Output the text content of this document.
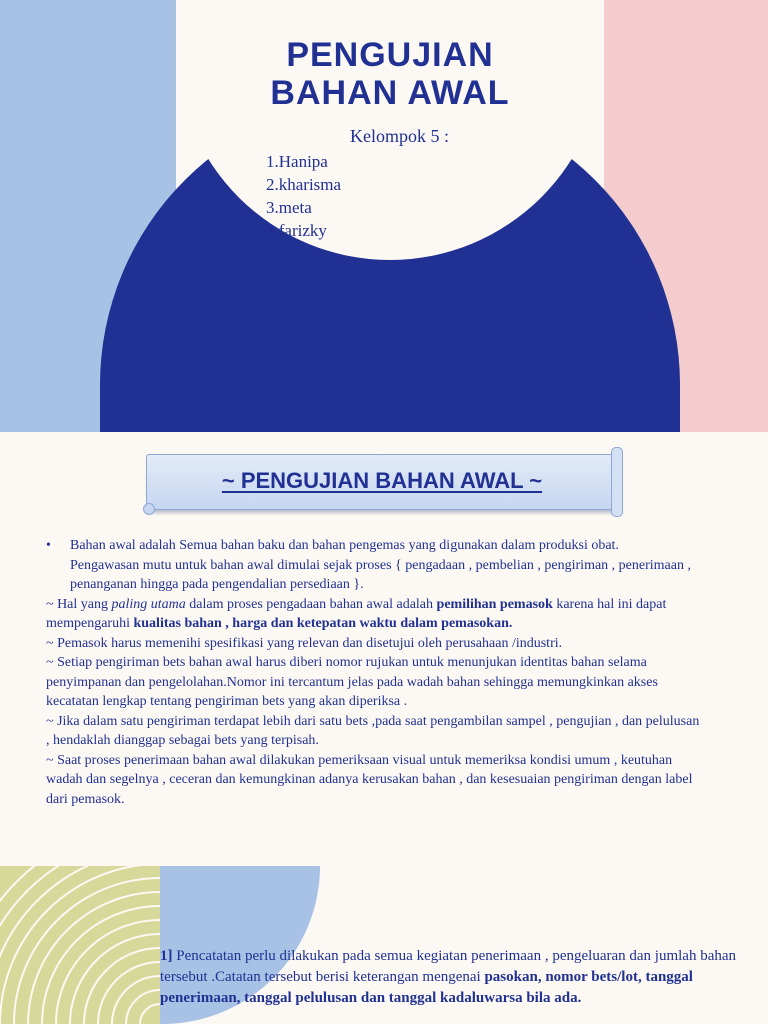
PENGUJIAN
BAHAN AWAL

Kelompok 5 :

1.Hanipa
2.kharisma
3.meta
4.farizky
5.rizky
~ PENGUJIAN BAHAN AWAL ~
• Bahan awal adalah Semua bahan baku dan bahan pengemas yang digunakan dalam produksi obat.

Pengawasan mutu untuk bahan awal dimulai sejak proses { pengadaan , pembelian , pengiriman , penerimaan , penanganan hingga pada pengendalian persediaan }.

~ Hal yang paling utama dalam proses pengadaan bahan awal adalah pemilihan pemasok karena hal ini dapat mempengaruhi kualitas bahan , harga dan ketepatan waktu dalam pemasokan.

~ Pemasok harus memenihi spesifikasi yang relevan dan disetujui oleh perusahaan /industri.

~ Setiap pengiriman bets bahan awal harus diberi nomor rujukan untuk menunjukan identitas bahan selama penyimpanan dan pengelolahan.Nomor ini tercantum jelas pada wadah bahan sehingga memungkinkan akses kecatatan lengkap tentang pengiriman bets yang akan diperiksa .

~ Jika dalam satu pengiriman terdapat lebih dari satu bets ,pada saat pengambilan sampel , pengujian , dan pelulusan , hendaklah dianggap sebagai bets yang terpisah.

~ Saat proses penerimaan bahan awal dilakukan pemeriksaan visual untuk memeriksa kondisi umum , keutuhan wadah dan segelnya , ceceran dan kemungkinan adanya kerusakan bahan , dan kesesuaian pengiriman dengan label dari pemasok.

1] Pencatatan perlu dilakukan pada semua kegiatan penerimaan , pengeluaran dan jumlah bahan tersebut .Catatan tersebut berisi keterangan mengenai pasokan, nomor bets/lot, tanggal penerimaan, tanggal pelulusan dan tanggal kadaluwarsa bila ada.
